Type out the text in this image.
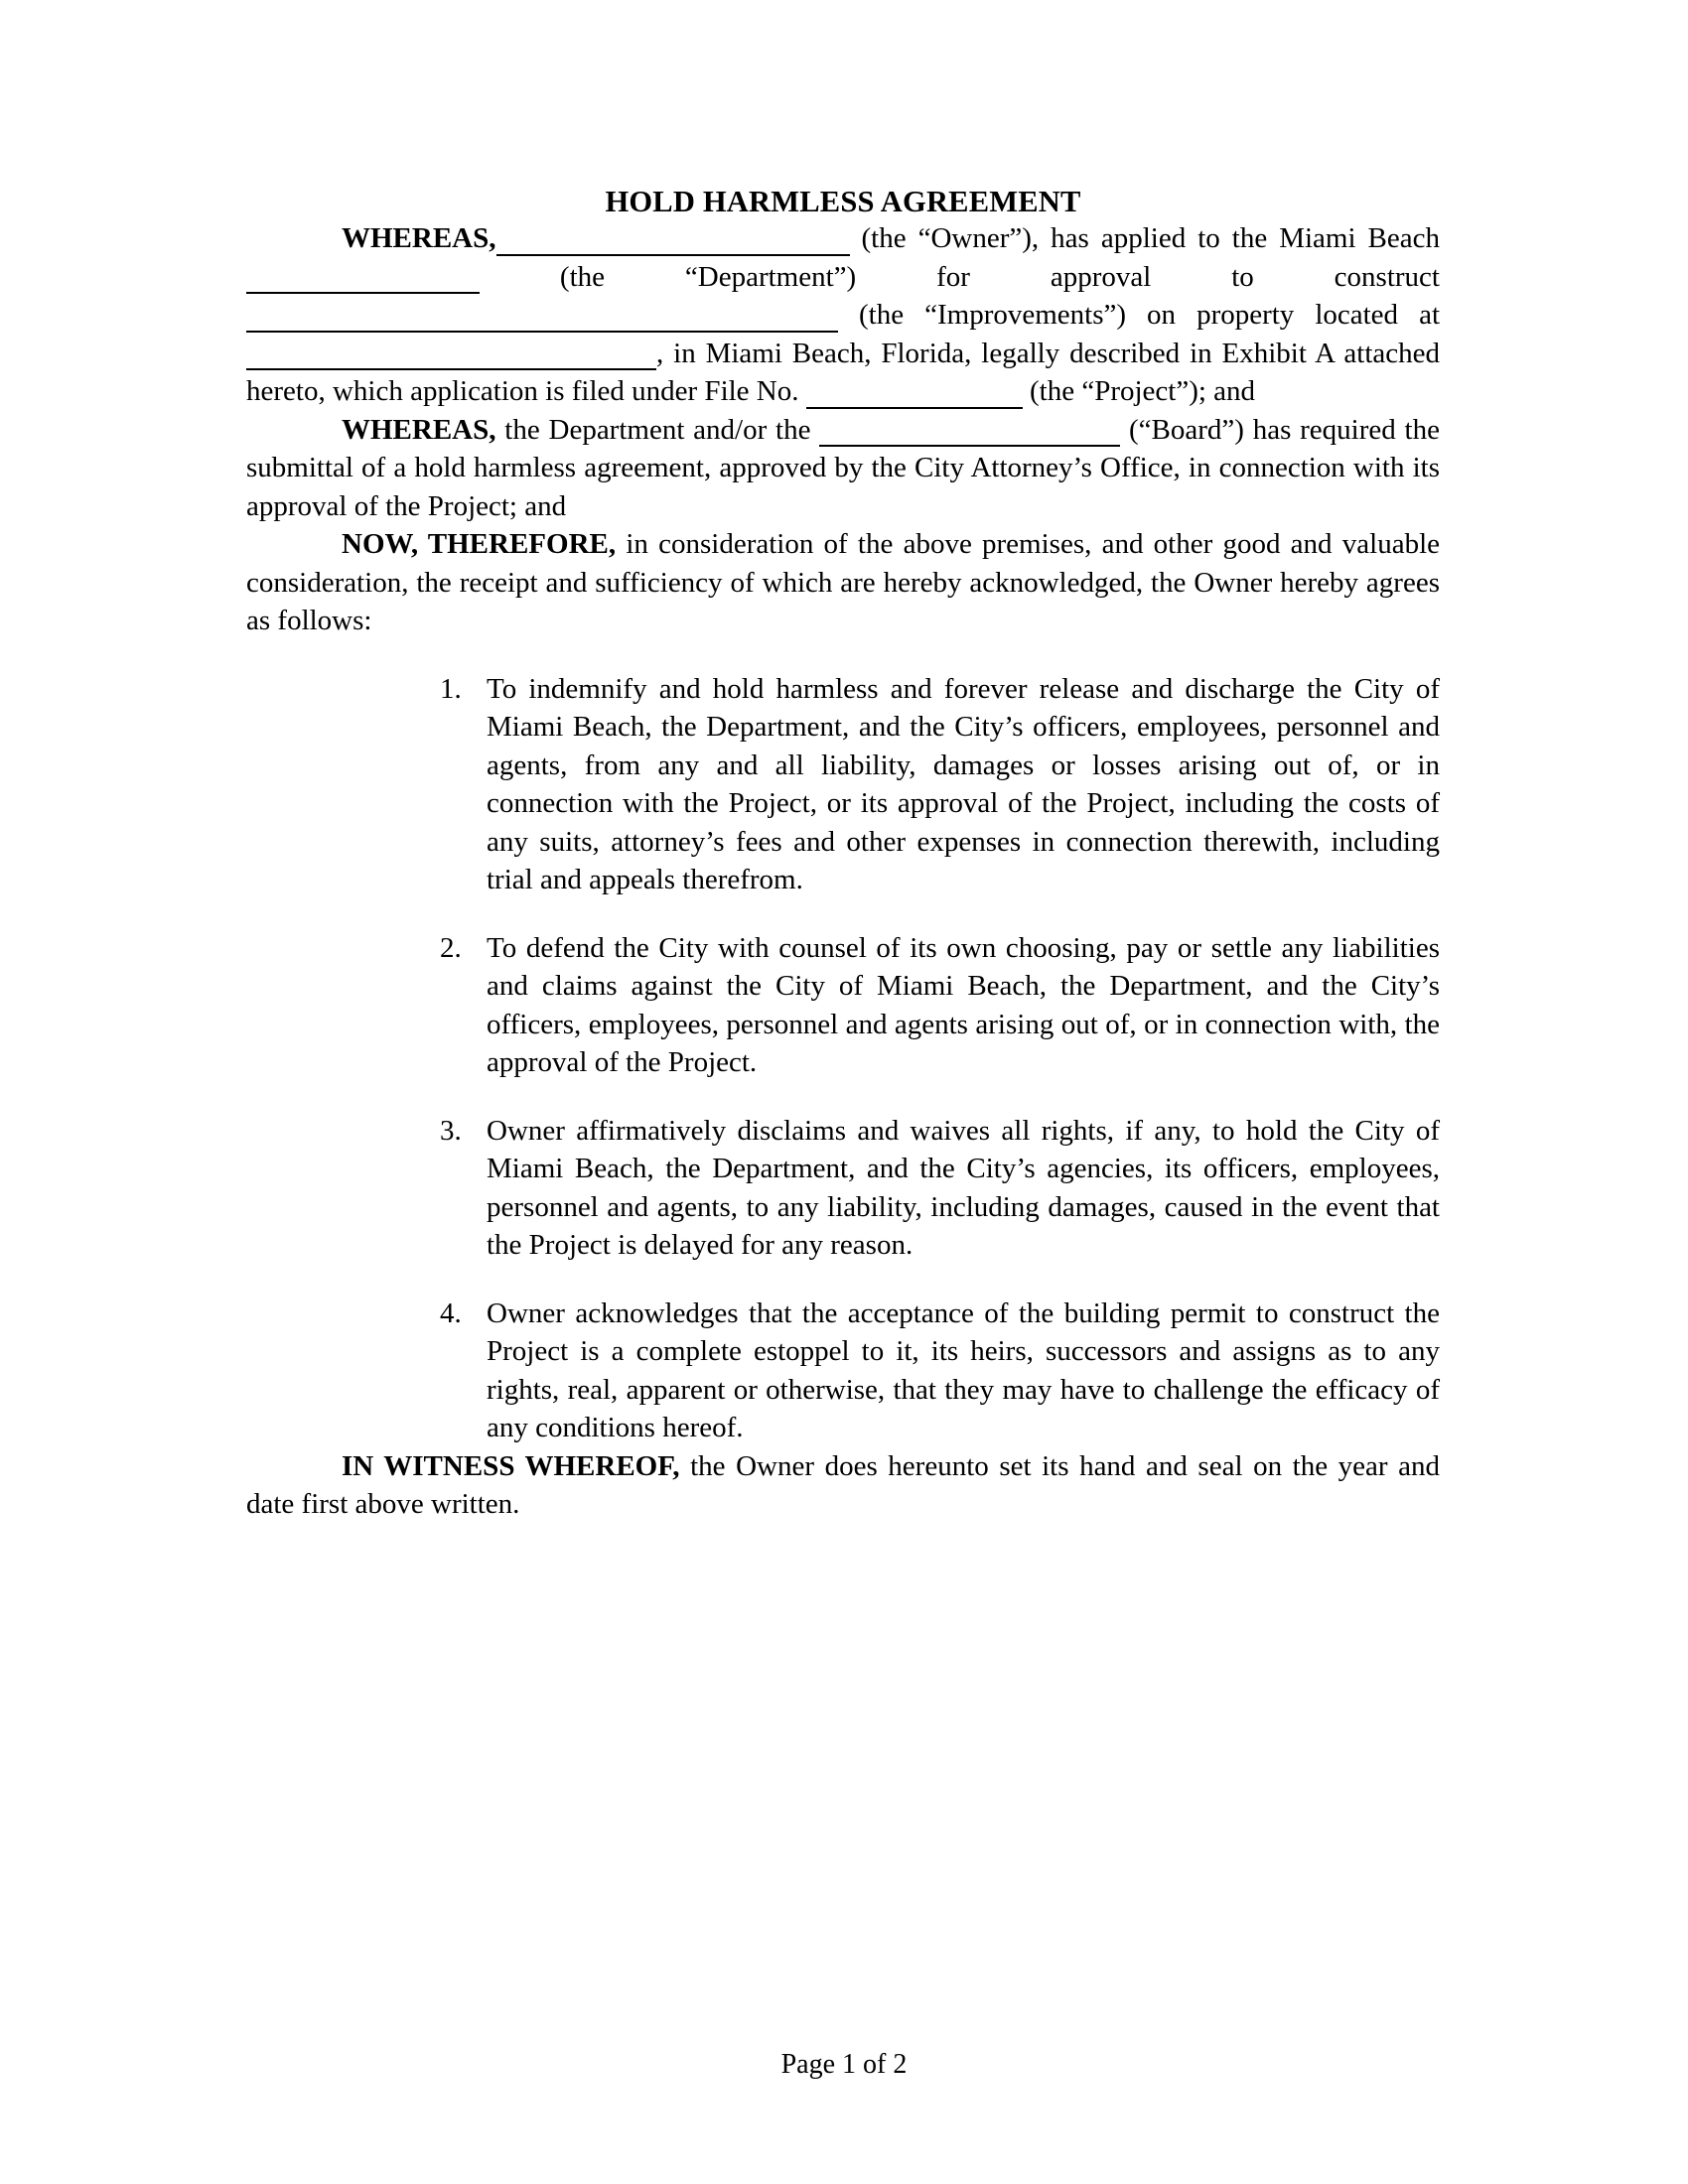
HOLD HARMLESS AGREEMENT

WHEREAS,	(the “Owner”), has applied to the Miami Beach  (the “Department”) for approval to construct  (the “Improvements”) on property located at , in Miami Beach, Florida, legally described in Exhibit A attached hereto, which application is filed under File No.	(the “Project”); and

WHEREAS, the Department and/or the	(“Board”) has required the submittal of a hold harmless agreement, approved by the City Attorney’s Office, in connection with its approval of the Project; and

NOW, THEREFORE, in consideration of the above premises, and other good and valuable consideration, the receipt and sufficiency of which are hereby acknowledged, the Owner hereby agrees as follows:

1. To indemnify and hold harmless and forever release and discharge the City of Miami Beach, the Department, and the City’s officers, employees, personnel and agents, from any and all liability, damages or losses arising out of, or in connection with the Project, or its approval of the Project, including the costs of any suits, attorney’s fees and other expenses in connection therewith, including trial and appeals therefrom.
2. To defend the City with counsel of its own choosing, pay or settle any liabilities and claims against the City of Miami Beach, the Department, and the City’s officers, employees, personnel and agents arising out of, or in connection with, the approval of the Project.
3. Owner affirmatively disclaims and waives all rights, if any, to hold the City of Miami Beach, the Department, and the City’s agencies, its officers, employees, personnel and agents, to any liability, including damages, caused in the event that the Project is delayed for any reason.
4. Owner acknowledges that the acceptance of the building permit to construct the Project is a complete estoppel to it, its heirs, successors and assigns as to any rights, real, apparent or otherwise, that they may have to challenge the efficacy of any conditions hereof.

IN WITNESS WHEREOF, the Owner does hereunto set its hand and seal on the year and date first above written.

Page 1 of 2
